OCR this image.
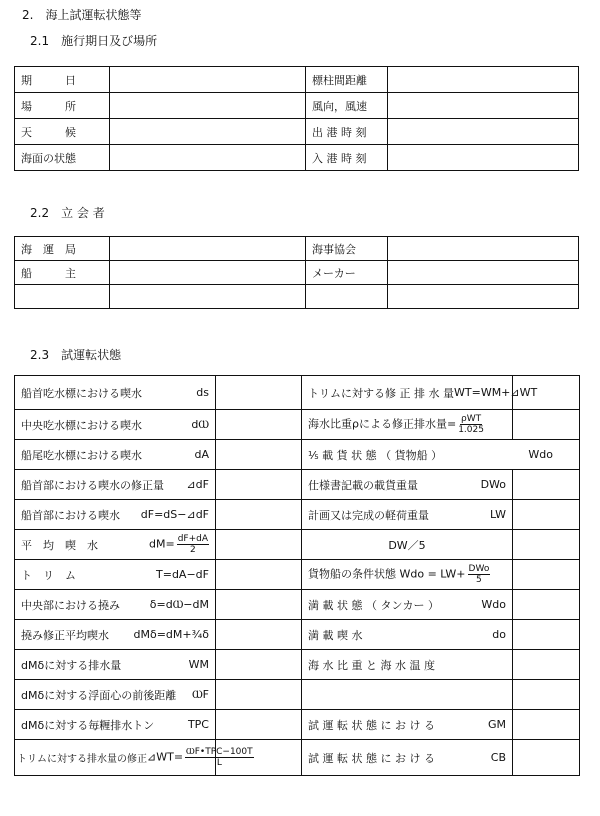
2.　海上試運転状態等
2.1　施行期日及び場所
期　　　日		標柱間距離	
場　　　所		風向，風速	
天　　　候		出 港 時 刻	
海面の状態		入 港 時 刻	
2.2　立 会 者
海　運　局		海事協会	
船　　　主		メーカー	

2.3　試運転状態
船首吃水標における喫水 ds		トリムに対する修 正 排 水 量 WT=WM+⊿WT	

中央吃水標における喫水 dⲰ		海水比重ρによる修正排水量= $\frac{\text{ρWT}}{1.025}$

船尾吃水標における喫水 dA		⅕ 載 貨 状 態 （ 貨物船 ） Wdo	

船首部における喫水の修正量 ⊿dF		仕様書記載の載貨重量 DWo	

船首部における喫水 dF=dS−⊿dF		計画又は完成の軽荷重量 LW	

平　均　喫　水 $dM= \frac{dF+dA}{2}$		DW／5	

ト　リ　ム T=dA−dF		貨物船の条件状態 Wdo = $LW+ \frac{\text{DWo}}{5}$

中央部における撓み δ=dⲰ−dM		満 載 状 態 （ タンカー ） Wdo	

撓み修正平均喫水 dMδ=dM+¾δ		満 載 喫 水 do	

dMδに対する排水量 WM		海 水 比 重 と 海 水 温 度	

dMδに対する浮面心の前後距離 ⲰF			

dMδに対する毎糎排水トン TPC		試 運 転 状 態 に お け る GM	

トリムに対する排水量の修正 ⊿WT= $\frac{\text{ⲰF•TPC−100T}}{L}$		試 運 転 状 態 に お け る CB	
